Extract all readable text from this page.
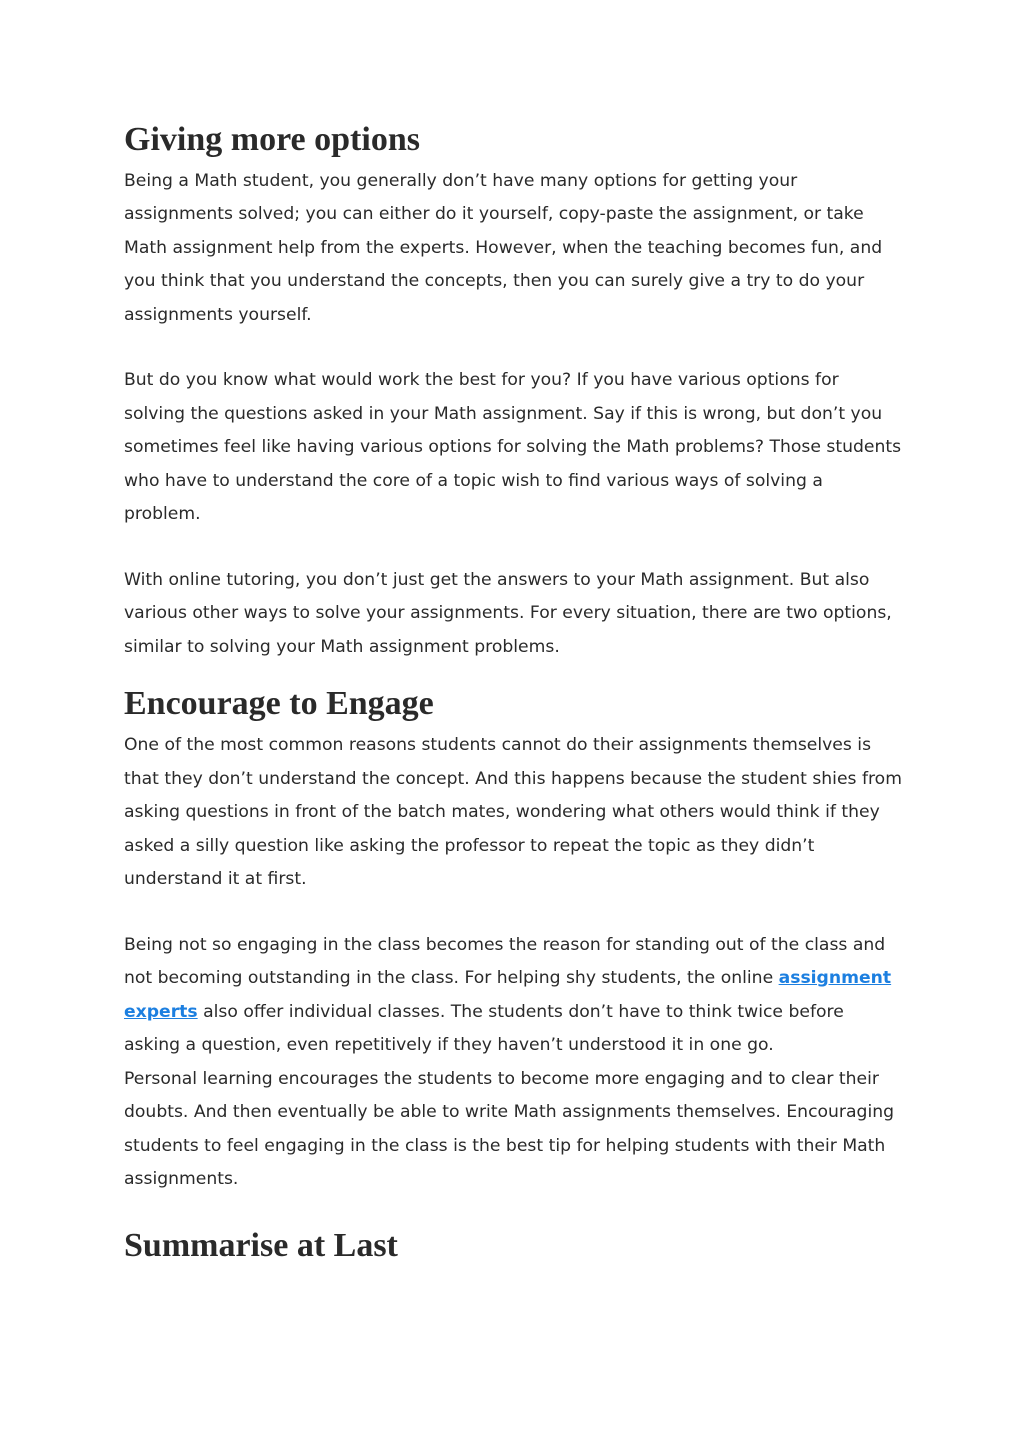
Giving more options

Being a Math student, you generally don’t have many options for getting your assignments solved; you can either do it yourself, copy-paste the assignment, or take Math assignment help from the experts. However, when the teaching becomes fun, and you think that you understand the concepts, then you can surely give a try to do your assignments yourself.

But do you know what would work the best for you? If you have various options for solving the questions asked in your Math assignment. Say if this is wrong, but don’t you sometimes feel like having various options for solving the Math problems? Those students who have to understand the core of a topic wish to find various ways of solving a problem.

With online tutoring, you don’t just get the answers to your Math assignment. But also various other ways to solve your assignments. For every situation, there are two options, similar to solving your Math assignment problems.

Encourage to Engage

One of the most common reasons students cannot do their assignments themselves is that they don’t understand the concept. And this happens because the student shies from asking questions in front of the batch mates, wondering what others would think if they asked a silly question like asking the professor to repeat the topic as they didn’t understand it at first.

Being not so engaging in the class becomes the reason for standing out of the class and not becoming outstanding in the class. For helping shy students, the online assignment experts also offer individual classes. The students don’t have to think twice before asking a question, even repetitively if they haven’t understood it in one go.

Personal learning encourages the students to become more engaging and to clear their doubts. And then eventually be able to write Math assignments themselves. Encouraging students to feel engaging in the class is the best tip for helping students with their Math assignments.

Summarise at Last
